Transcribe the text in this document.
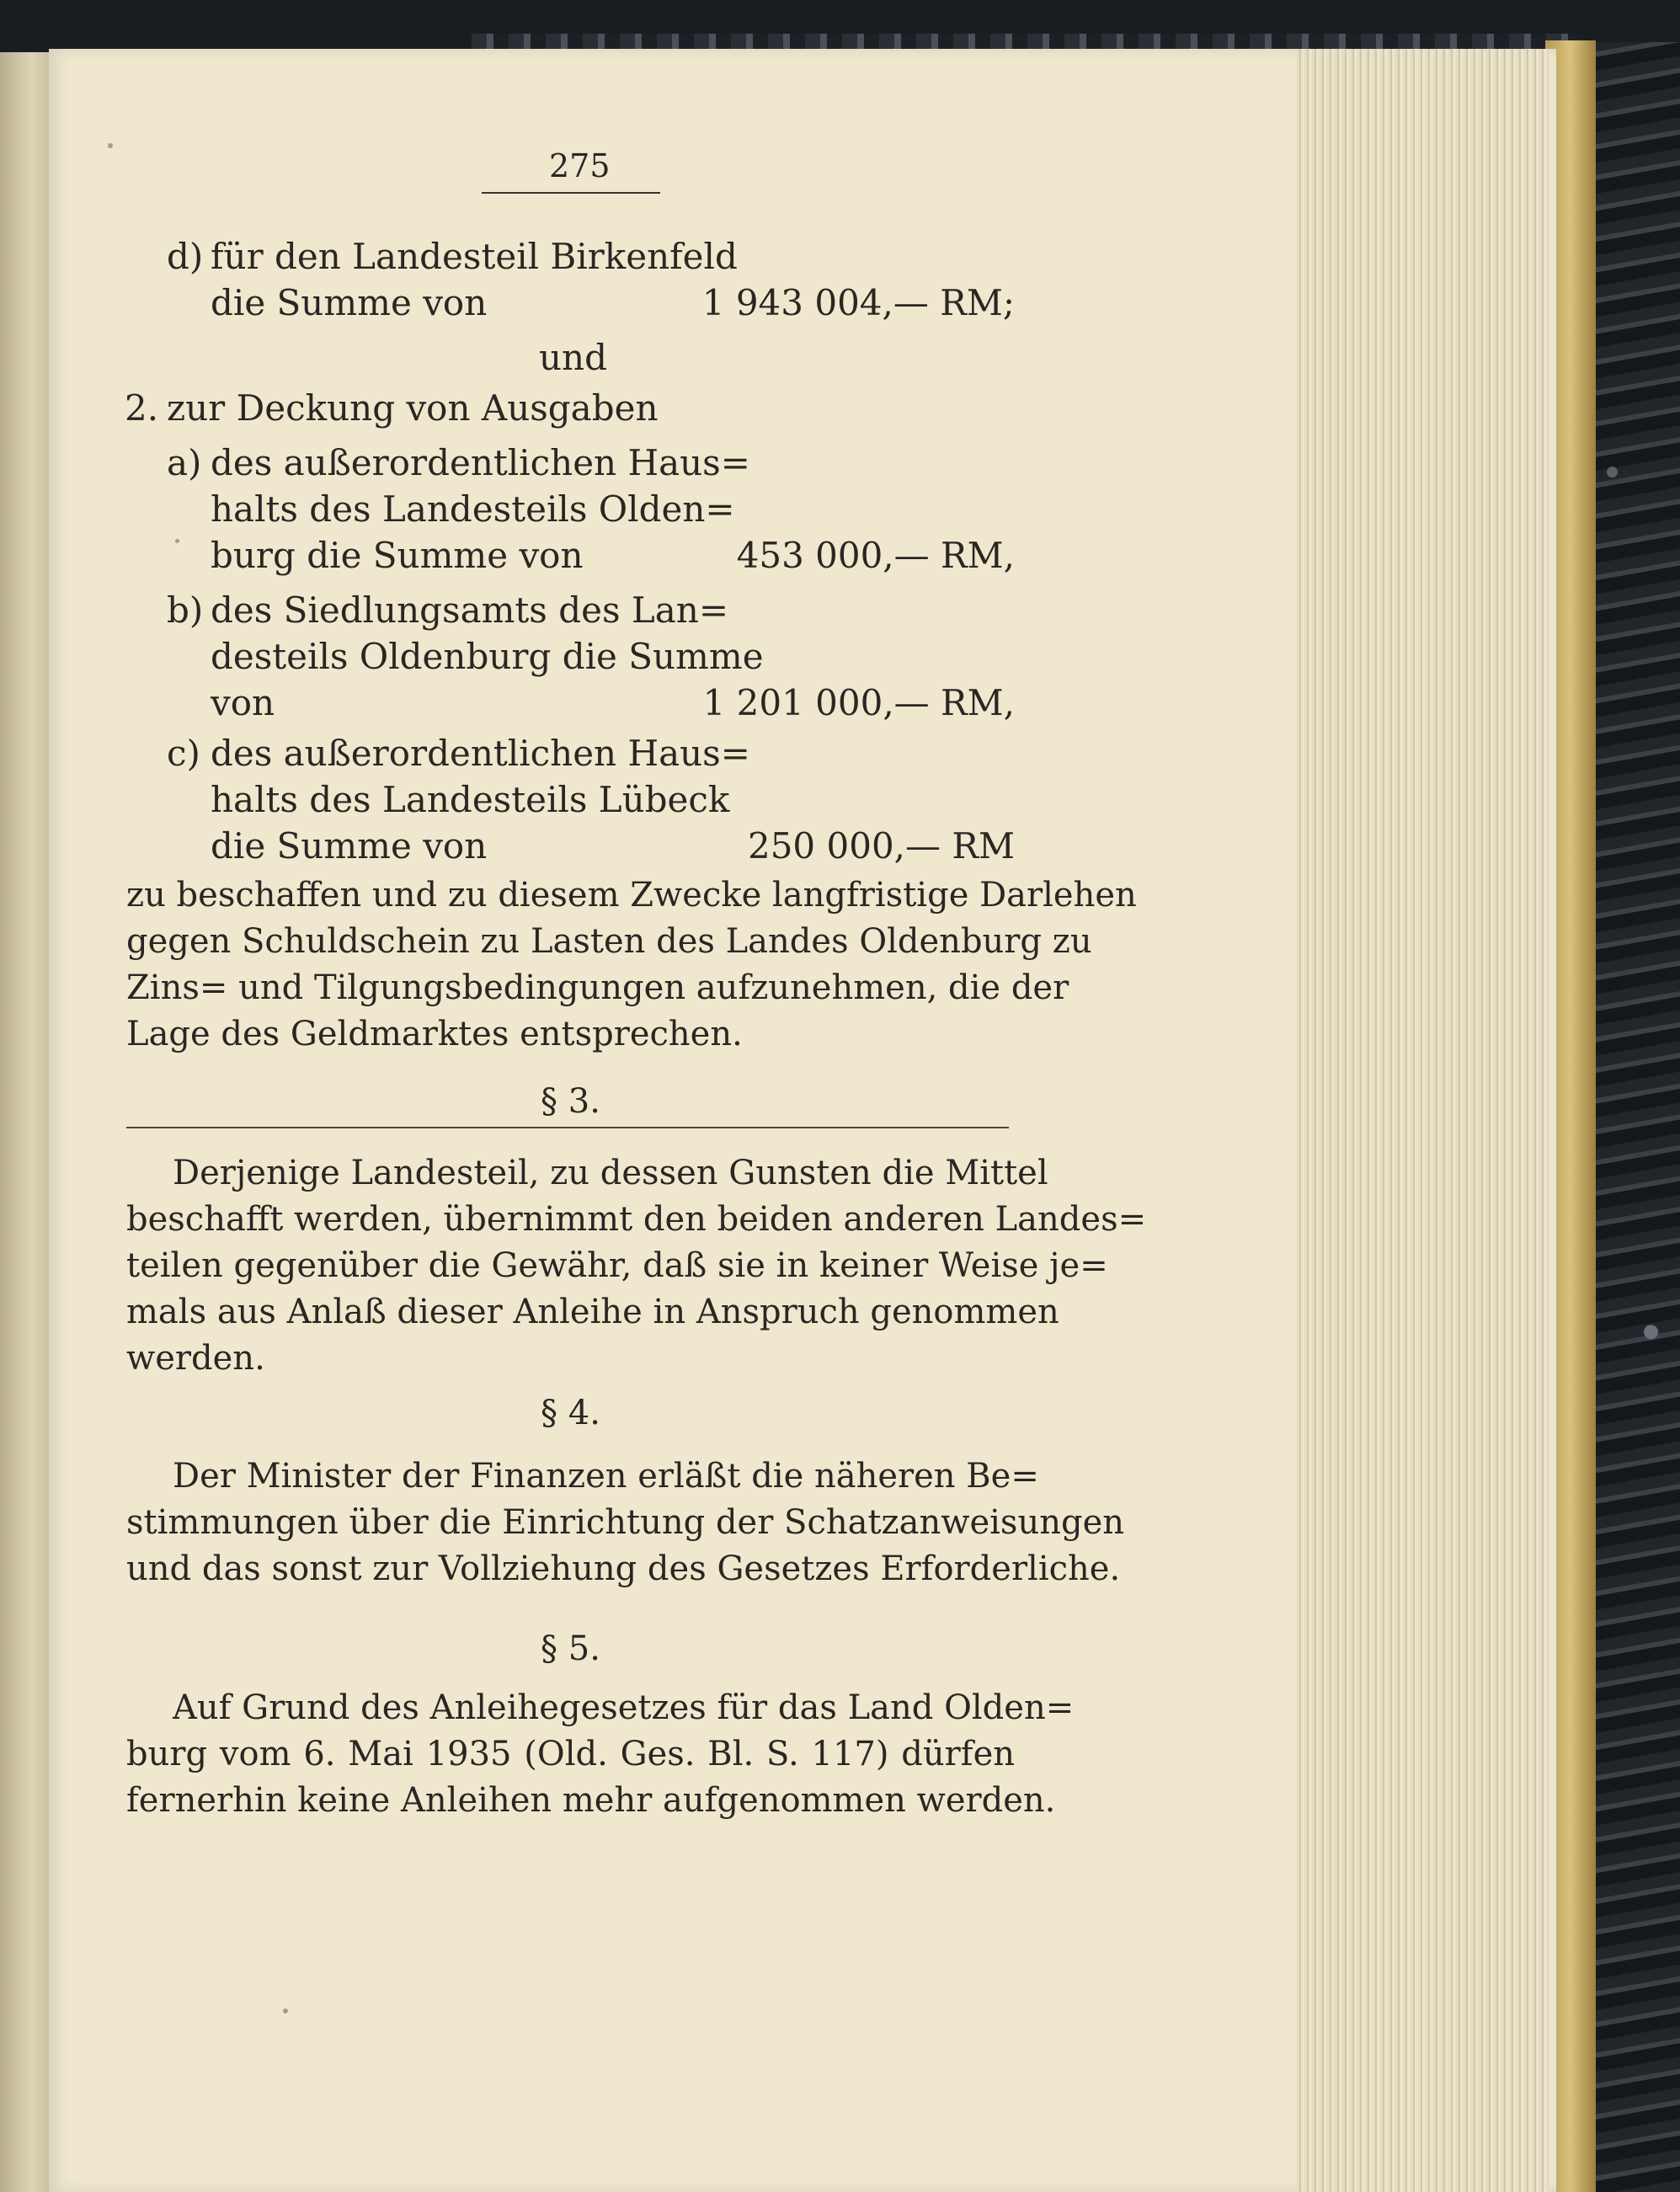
275
d) für den Landesteil Birkenfeld
die Summe von	1 943 004,— RM;
und
2. zur Deckung von Ausgaben
a) des außerordentlichen Haus=
halts des Landesteils Olden=
burg die Summe von	453 000,— RM,
b) des Siedlungsamts des Lan=
desteils Oldenburg die Summe
von	1 201 000,— RM,
c) des außerordentlichen Haus=
halts des Landesteils Lübeck
die Summe von	250 000,— RM
zu beschaffen und zu diesem Zwecke langfristige Darlehen
gegen Schuldschein zu Lasten des Landes Oldenburg zu
Zins= und Tilgungsbedingungen aufzunehmen, die der
Lage des Geldmarktes entsprechen.
§ 3.
Derjenige Landesteil, zu dessen Gunsten die Mittel
beschafft werden, übernimmt den beiden anderen Landes=
teilen gegenüber die Gewähr, daß sie in keiner Weise je=
mals aus Anlaß dieser Anleihe in Anspruch genommen
werden.
§ 4.
Der Minister der Finanzen erläßt die näheren Be=
stimmungen über die Einrichtung der Schatzanweisungen
und das sonst zur Vollziehung des Gesetzes Erforderliche.
§ 5.
Auf Grund des Anleihegesetzes für das Land Olden=
burg vom 6. Mai 1935 (Old. Ges. Bl. S. 117) dürfen
fernerhin keine Anleihen mehr aufgenommen werden.
